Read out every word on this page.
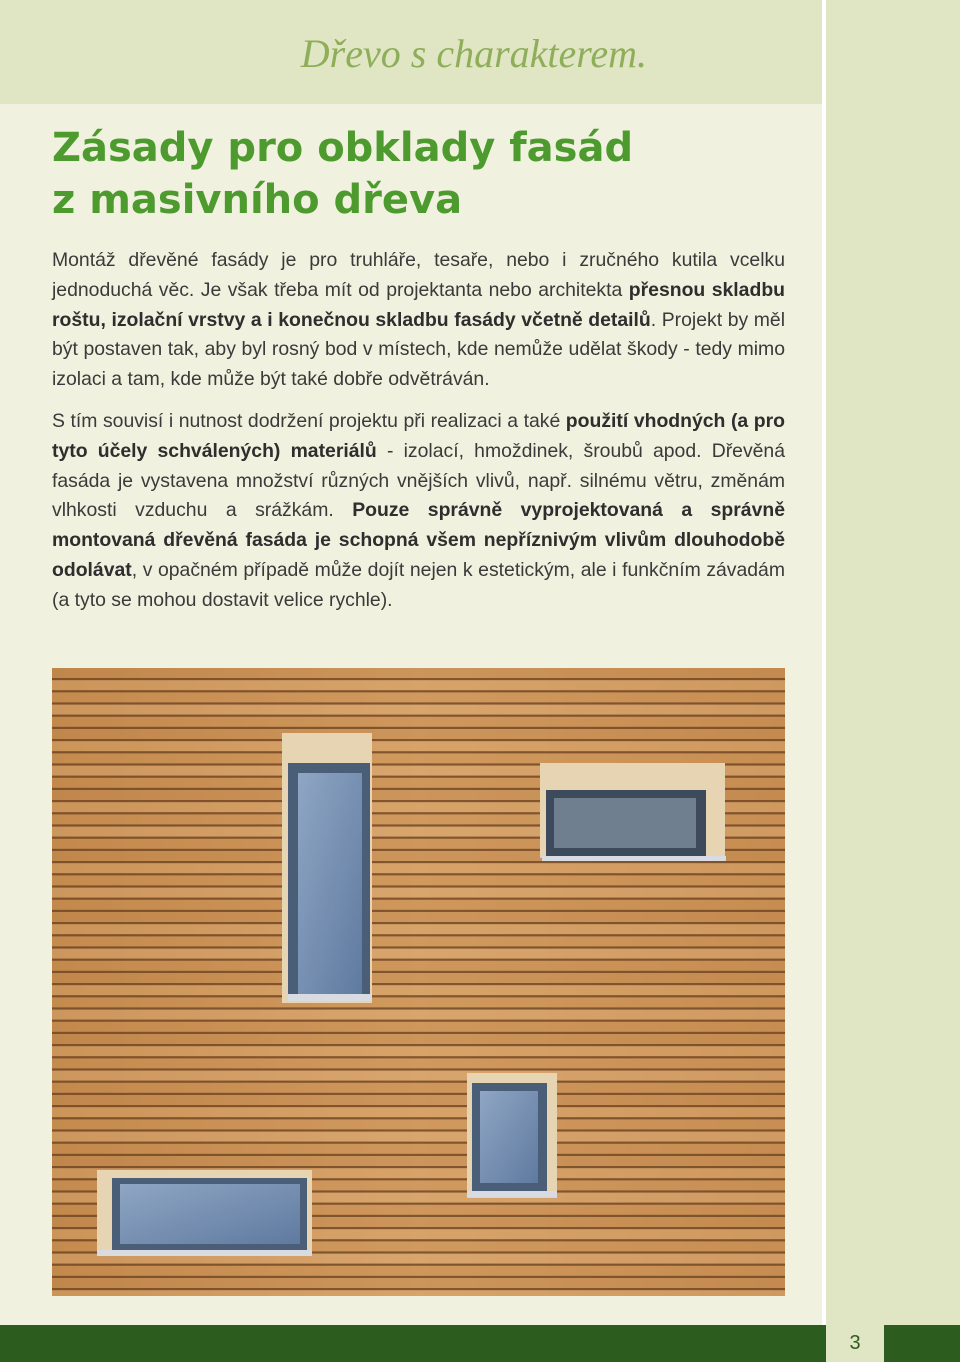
Dřevo s charakterem.
Zásady pro obklady fasád
z masivního dřeva

Montáž dřevěné fasády je pro truhláře, tesaře, nebo i zručného kutila vcelku jednoduchá věc. Je však třeba mít od projektanta nebo architekta přesnou skladbu roštu, izolační vrstvy a i konečnou skladbu fasády včetně detailů. Projekt by měl být postaven tak, aby byl rosný bod v místech, kde nemůže udělat škody - tedy mimo izolaci a tam, kde může být také dobře odvětráván.

S tím souvisí i nutnost dodržení projektu při realizaci a také použití vhodných (a pro tyto účely schválených) materiálů - izolací, hmoždinek, šroubů apod. Dřevěná fasáda je vystavena množství různých vnějších vlivů, např. silnému větru, změnám vlhkosti vzduchu a srážkám. Pouze správně vyprojektovaná a správně montovaná dřevěná fasáda je schopná všem nepříznivým vlivům dlouhodobě odolávat, v opačném případě může dojít nejen k estetickým, ale i funkčním závadám (a tyto se mohou dostavit velice rychle).

3
